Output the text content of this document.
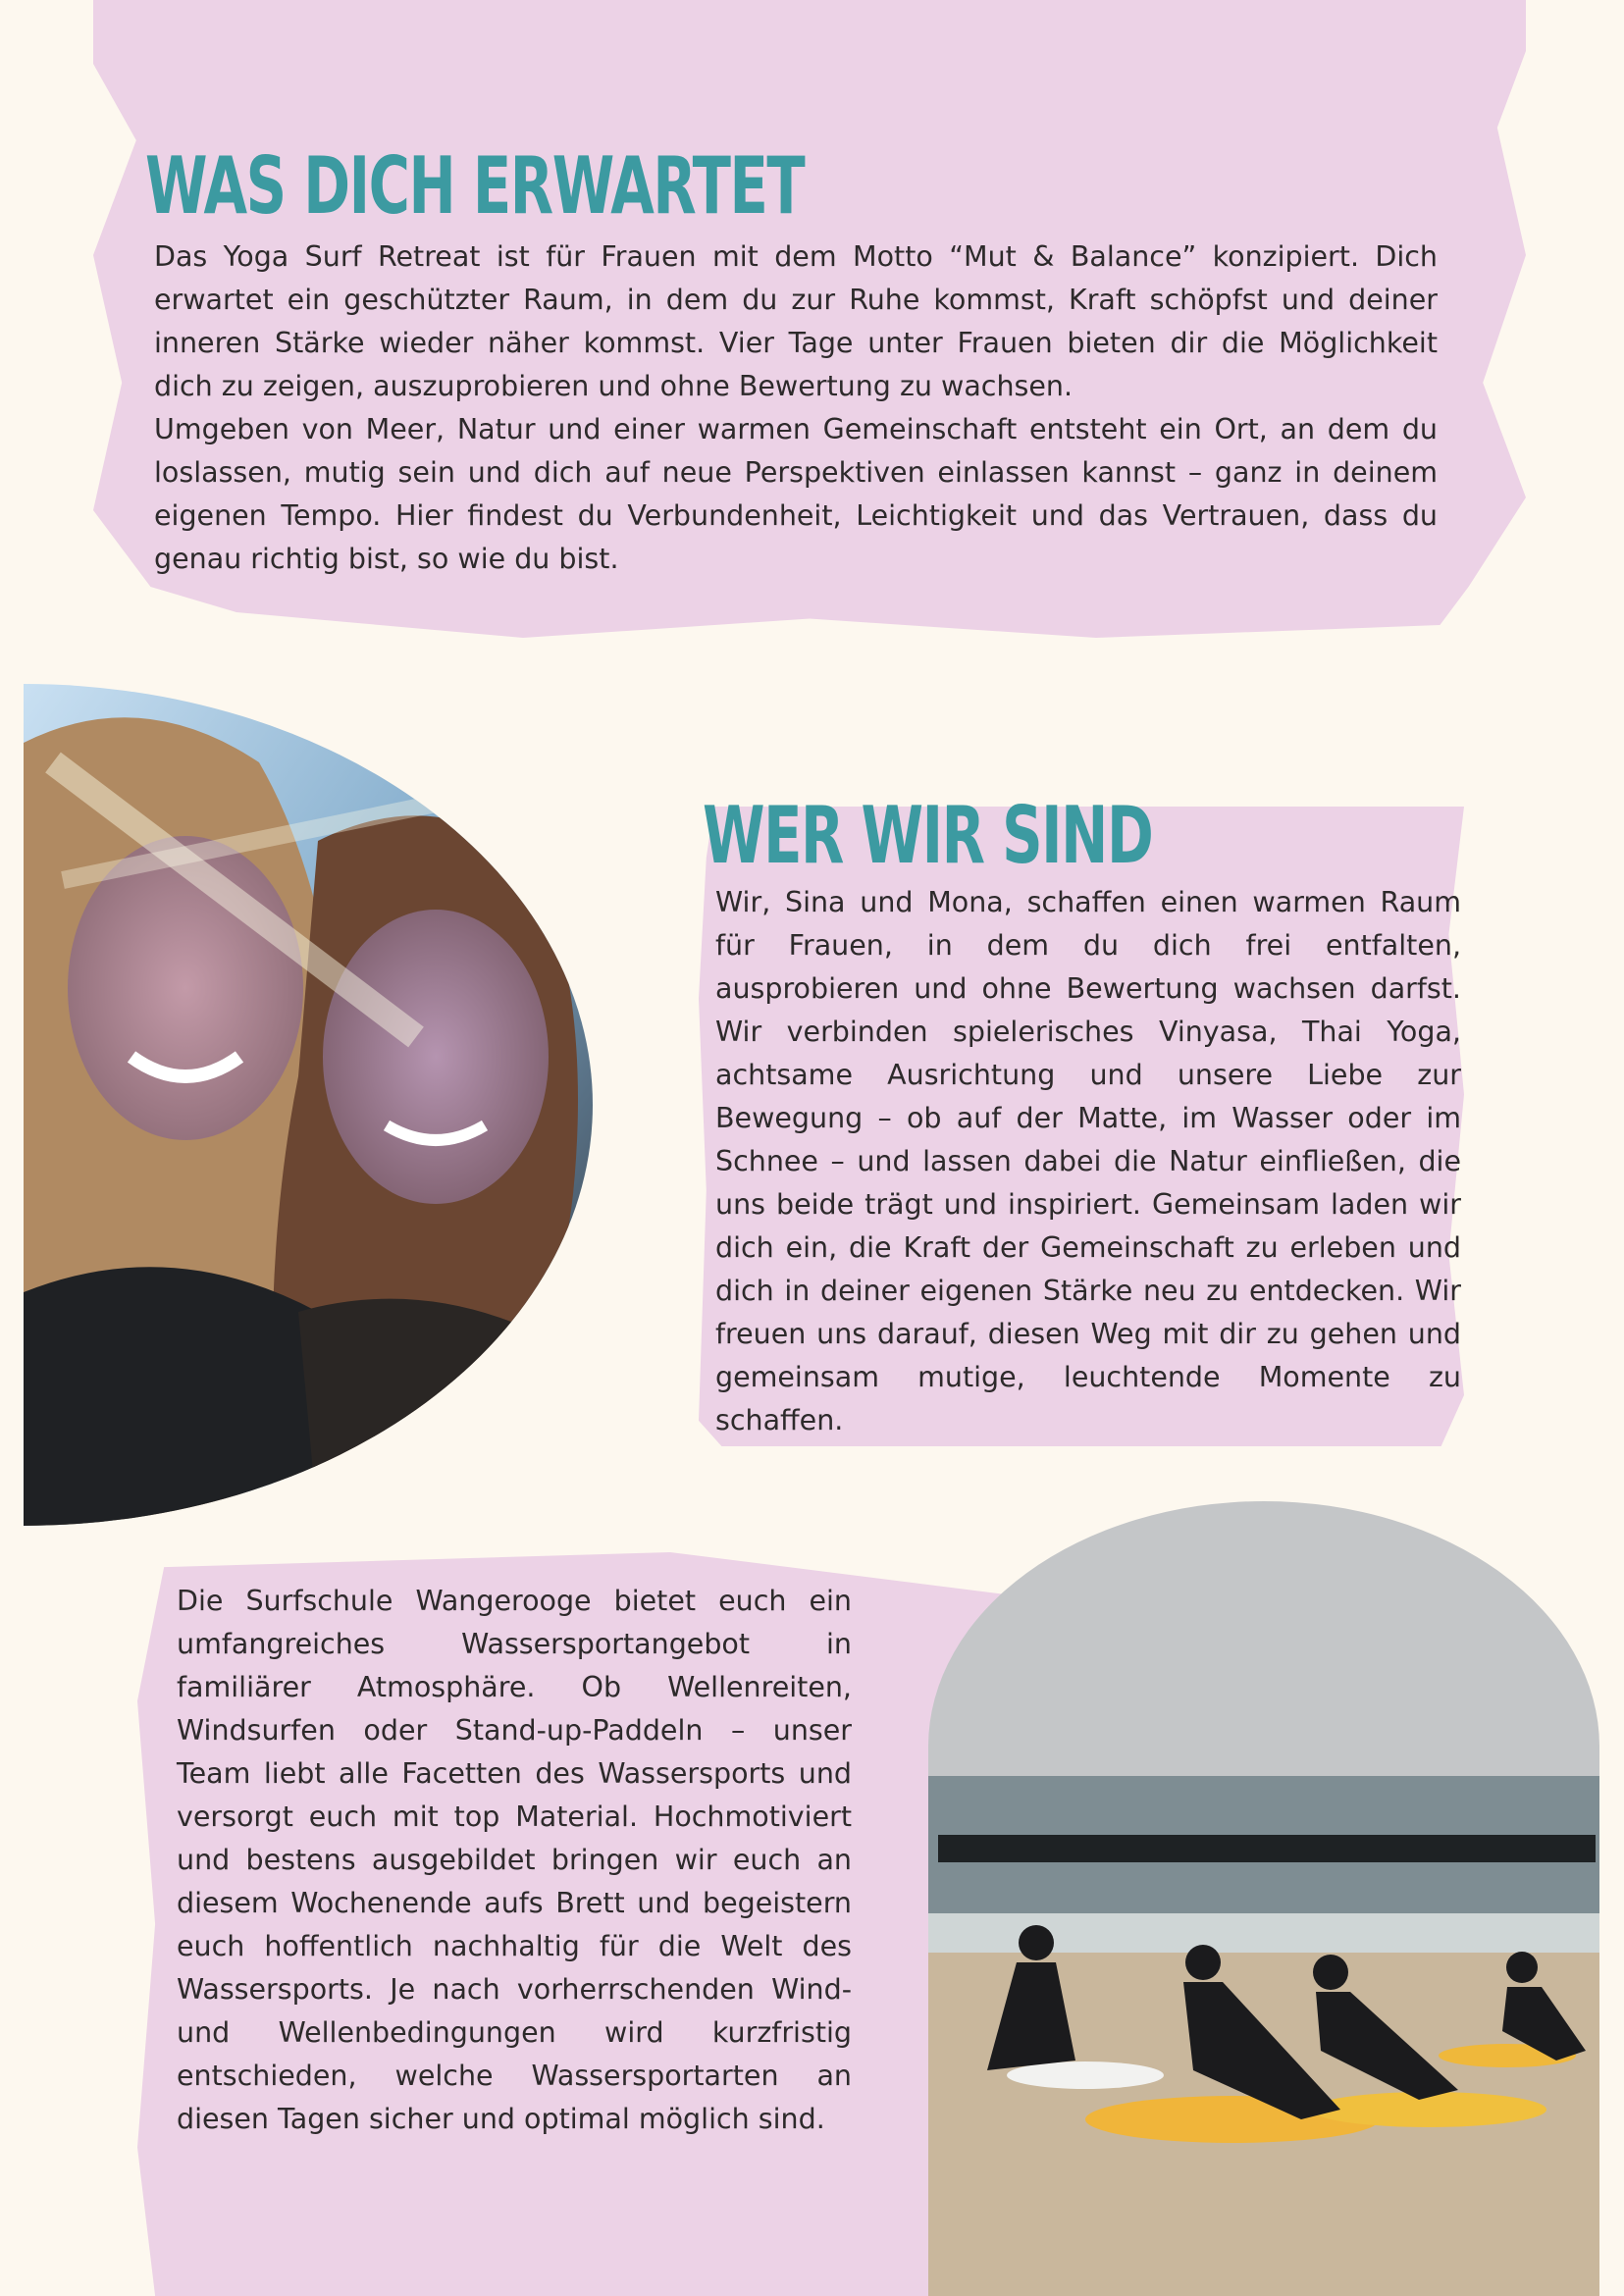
WAS DICH ERWARTET

Das Yoga Surf Retreat ist für Frauen mit dem Motto “Mut & Balance” konzipiert. Dich erwartet ein geschützter Raum, in dem du zur Ruhe kommst, Kraft schöpfst und deiner inneren Stärke wieder näher kommst. Vier Tage unter Frauen bieten dir die Möglichkeit dich zu zeigen, auszuprobieren und ohne Bewertung zu wachsen.

Umgeben von Meer, Natur und einer warmen Gemeinschaft entsteht ein Ort, an dem du loslassen, mutig sein und dich auf neue Perspektiven einlassen kannst – ganz in deinem eigenen Tempo. Hier findest du Verbundenheit, Leichtigkeit und das Vertrauen, dass du genau richtig bist, so wie du bist.

WER WIR SIND

Wir, Sina und Mona, schaffen einen warmen Raum für Frauen, in dem du dich frei entfalten, ausprobieren und ohne Bewertung wachsen darfst. Wir verbinden spielerisches Vinyasa, Thai Yoga, achtsame Ausrichtung und unsere Liebe zur Bewegung – ob auf der Matte, im Wasser oder im Schnee – und lassen dabei die Natur einfließen, die uns beide trägt und inspiriert. Gemeinsam laden wir dich ein, die Kraft der Gemeinschaft zu erleben und dich in deiner eigenen Stärke neu zu entdecken. Wir freuen uns darauf, diesen Weg mit dir zu gehen und gemeinsam mutige, leuchtende Momente zu schaffen.

Die Surfschule Wangerooge bietet euch ein umfangreiches Wassersportangebot in familiärer Atmosphäre. Ob Wellenreiten, Windsurfen oder Stand-up-Paddeln – unser Team liebt alle Facetten des Wassersports und versorgt euch mit top Material. Hochmotiviert und bestens ausgebildet bringen wir euch an diesem Wochenende aufs Brett und begeistern euch hoffentlich nachhaltig für die Welt des Wassersports. Je nach vorherrschenden Wind- und Wellenbedingungen wird kurzfristig entschieden, welche Wassersportarten an diesen Tagen sicher und optimal möglich sind.
